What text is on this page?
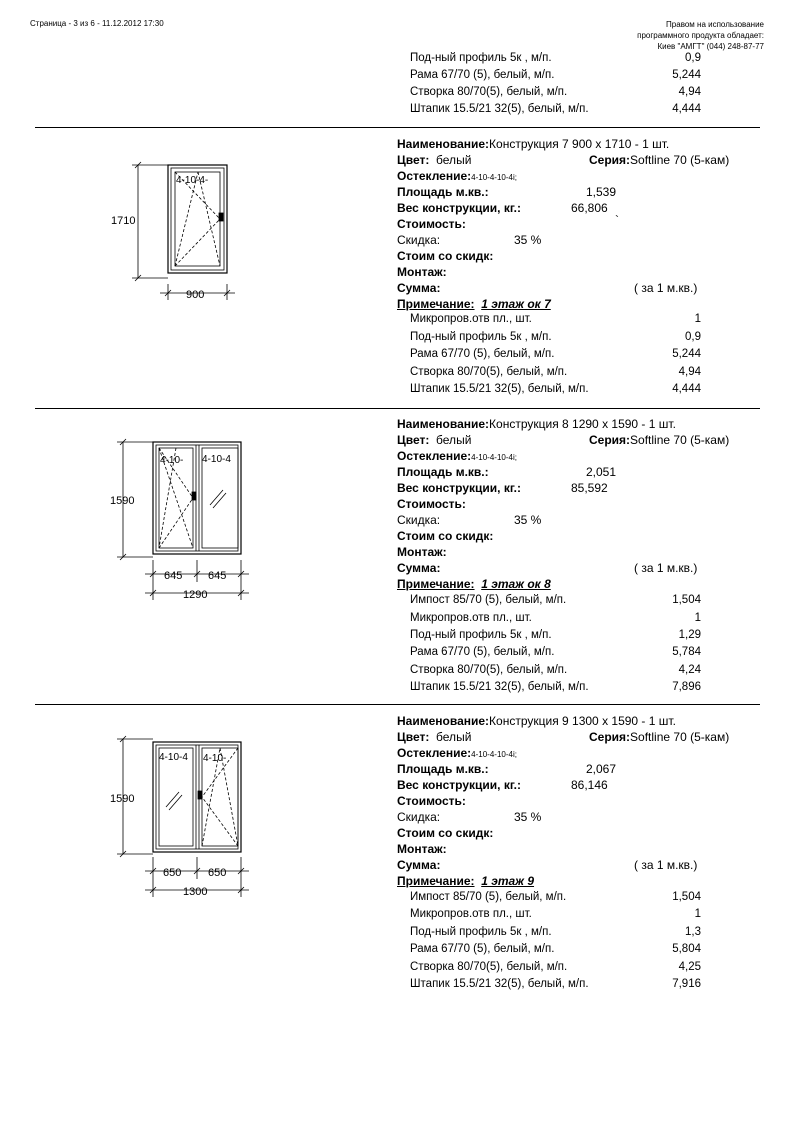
Страница - 3 из 6 - 11.12.2012 17:30	Правом на использование
программного продукта обладает:
Киев "АМГТ" (044) 248-87-77
Под-ный профиль 5к , м/п.	0,9
Рама 67/70 (5), белый, м/п.	5,244
Створка 80/70(5), белый, м/п.	4,94
Штапик 15.5/21 32(5), белый, м/п.	4,444
1710
900
4-10-4-
Наименование:Конструкция 7 900 x 1710 - 1 шт.
Цвет: белый	Серия:Softline 70 (5-кам)
Остекление:4-10-4-10-4i;
Площадь м.кв.:	1,539
Вес конструкции, кг.:	66,806
Стоимость:	`
Скидка:	35 %
Стоим со скидк:
Монтаж:
Сумма:	( за 1 м.кв.)
Примечание: 1 этаж ок 7
Микропров.отв пл., шт.	1
Под-ный профиль 5к , м/п.	0,9
Рама 67/70 (5), белый, м/п.	5,244
Створка 80/70(5), белый, м/п.	4,94
Штапик 15.5/21 32(5), белый, м/п.	4,444
1590
645 645
1290
4-10- 4-10-4
Наименование:Конструкция 8 1290 x 1590 - 1 шт.
Цвет: белый	Серия:Softline 70 (5-кам)
Остекление:4-10-4-10-4i;
Площадь м.кв.:	2,051
Вес конструкции, кг.:	85,592
Стоимость:
Скидка:	35 %
Стоим со скидк:
Монтаж:
Сумма:	( за 1 м.кв.)
Примечание: 1 этаж ок 8
Импост 85/70 (5), белый, м/п.	1,504
Микропров.отв пл., шт.	1
Под-ный профиль 5к , м/п.	1,29
Рама 67/70 (5), белый, м/п.	5,784
Створка 80/70(5), белый, м/п.	4,24
Штапик 15.5/21 32(5), белый, м/п.	7,896
1590
650 650
1300
4-10-4 4-10-
Наименование:Конструкция 9 1300 x 1590 - 1 шт.
Цвет: белый	Серия:Softline 70 (5-кам)
Остекление:4-10-4-10-4i;
Площадь м.кв.:	2,067
Вес конструкции, кг.:	86,146
Стоимость:
Скидка:	35 %
Стоим со скидк:
Монтаж:
Сумма:	( за 1 м.кв.)
Примечание: 1 этаж 9
Импост 85/70 (5), белый, м/п.	1,504
Микропров.отв пл., шт.	1
Под-ный профиль 5к , м/п.	1,3
Рама 67/70 (5), белый, м/п.	5,804
Створка 80/70(5), белый, м/п.	4,25
Штапик 15.5/21 32(5), белый, м/п.	7,916
